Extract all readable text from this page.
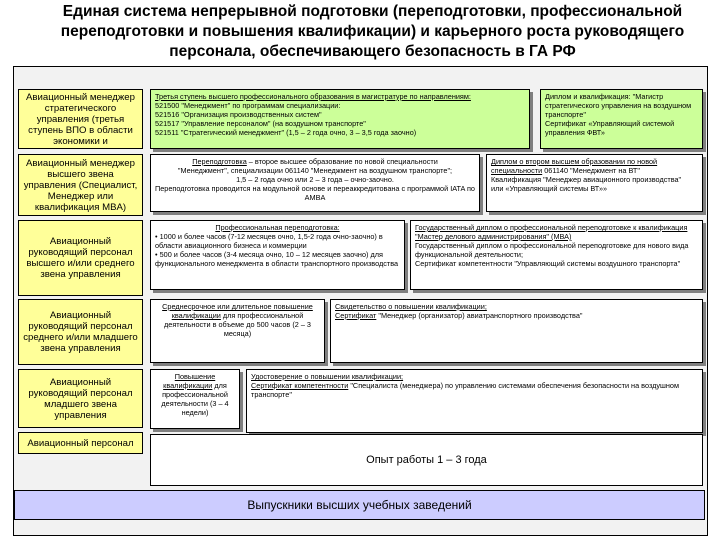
Единая система непрерывной подготовки (переподготовки, профессиональной
переподготовки и повышения квалификации) и карьерного роста руководящего
персонала, обеспечивающего безопасность в ГА РФ
Авиационный менеджер стратегического управления (третья ступень ВПО в области экономики и
Авиационный менеджер высшего звена управления (Специалист, Менеджер или квалификация MBA)
Авиационный руководящий персонал высшего и/или среднего звена управления
Авиационный руководящий персонал среднего и/или младшего звена управления
Авиационный руководящий персонал младшего звена управления
Авиационный персонал
Третья ступень высшего профессионального образования в магистратуре по направлениям:
521500 "Менеджмент" по программам специализации:
521516 "Организация производственных систем"
521517 "Управление персоналом" (на воздушном транспорте"
521511 "Стратегический менеджмент" (1,5 – 2 года очно, 3 – 3,5 года заочно)
Диплом и квалификация: "Магистр стратегического управления на воздушном транспорте"
Сертификат «Управляющий системой управления ФВТ»
Переподготовка – второе высшее образование по новой специальности
"Менеджмент", специализации 061140 "Менеджмент на воздушном транспорте";
1,5 – 2 года очно или 2 – 3 года – очно-заочно.
Переподготовка проводится на модульной основе и переаккредитована с программой IATA по AMBA
Диплом о втором высшем образовании по новой специальности 061140 "Менеджмент на ВТ"
Квалификация "Менеджер авиационного производства"
или «Управляющий системы ВТ»»
Профессиональная переподготовка:
• 1000 и более часов (7-12 месяцев очно, 1,5-2 года очно-заочно) в области авиационного бизнеса и коммерции
• 500 и более часов (3-4 месяца очно, 10 – 12 месяцев заочно) для функционального менеджмента в области транспортного производства
Государственный диплом о профессиональной переподготовке к квалификация "Мастер делового администрирования" (МВА)
Государственный диплом о профессиональной переподготовке для нового вида функциональной деятельности;
Сертификат компетентности "Управляющий системы воздушного транспорта"
Среднесрочное или длительное повышение квалификации для профессиональной деятельности в объеме до 500 часов (2 – 3 месяца)
Свидетельство о повышении квалификации;
Сертификат "Менеджер (организатор) авиатранспортного производства"
Повышение квалификации для профессиональной деятельности (3 – 4 недели)
Удостоверение о повышении квалификации;
Сертификат компетентности "Специалиста (менеджера) по управлению системами обеспечения безопасности на воздушном транспорте"
Опыт работы 1 – 3 года
Выпускники высших учебных заведений
